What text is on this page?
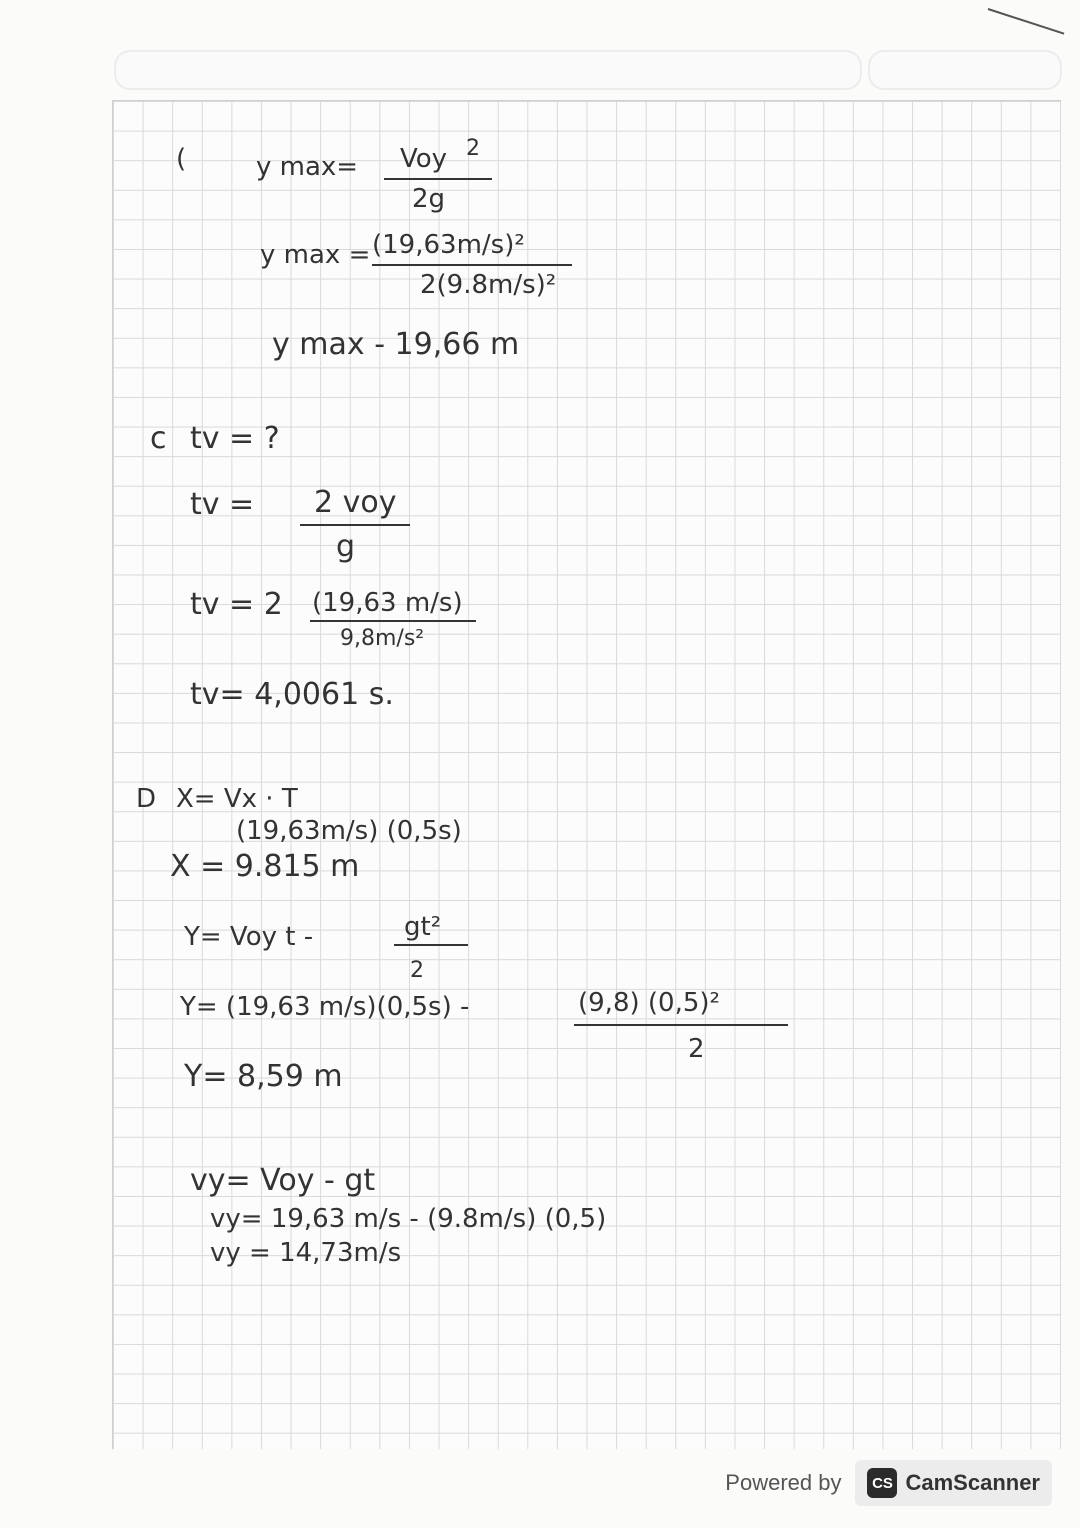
(	y max= Voy 2
2g
y max = (19,63m/s)²
2(9.8m/s)²
y max - 19,66 m
c tv = ?
tv = 2 voy
g
tv = 2 (19,63 m/s)
9,8m/s²
tv= 4,0061 s.
D X= Vx · T
(19,63m/s) (0,5s)
X = 9.815 m
Y= Voy t -	gt²
2
Y= (19,63 m/s)(0,5s) -	(9,8) (0,5)²
2
Y= 8,59 m
vy= Voy - gt
vy= 19,63 m/s - (9.8m/s) (0,5)
vy = 14,73m/s
Powered by	CS CamScanner
